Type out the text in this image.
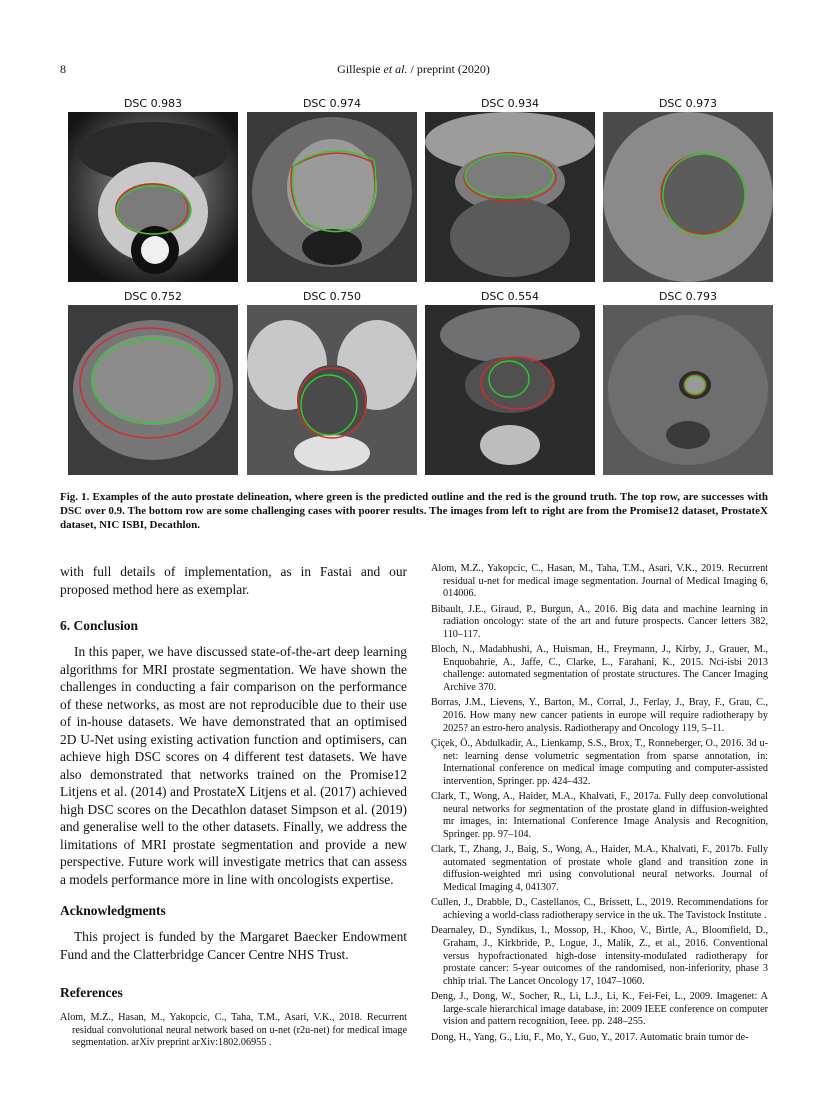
8	Gillespie et al. / preprint (2020)
DSC 0.983	DSC 0.974	DSC 0.934	DSC 0.973
DSC 0.752	DSC 0.750	DSC 0.554	DSC 0.793
Fig. 1. Examples of the auto prostate delineation, where green is the predicted outline and the red is the ground truth. The top row, are successes with DSC over 0.9. The bottom row are some challenging cases with poorer results. The images from left to right are from the Promise12 dataset, ProstateX dataset, NIC ISBI, Decathlon.

with full details of implementation, as in Fastai and our proposed method here as exemplar.

6. Conclusion

In this paper, we have discussed state-of-the-art deep learning algorithms for MRI prostate segmentation. We have shown the challenges in conducting a fair comparison on the performance of these networks, as most are not reproducible due to their use of in-house datasets. We have demonstrated that an optimised 2D U-Net using existing activation function and optimisers, can achieve high DSC scores on 4 different test datasets. We have also demonstrated that networks trained on the Promise12 Litjens et al. (2014) and ProstateX Litjens et al. (2017) achieved high DSC scores on the Decathlon dataset Simpson et al. (2019) and generalise well to the other datasets. Finally, we address the limitations of MRI prostate segmentation and provide a new perspective. Future work will investigate metrics that can assess a models performance more in line with oncologists expertise.

Acknowledgments

This project is funded by the Margaret Baecker Endowment Fund and the Clatterbridge Cancer Centre NHS Trust.

References
Alom, M.Z., Hasan, M., Yakopcic, C., Taha, T.M., Asari, V.K., 2018. Recurrent residual convolutional neural network based on u-net (r2u-net) for medical image segmentation. arXiv preprint arXiv:1802.06955 .
Alom, M.Z., Yakopcic, C., Hasan, M., Taha, T.M., Asari, V.K., 2019. Recurrent residual u-net for medical image segmentation. Journal of Medical Imaging 6, 014006.
Bibault, J.E., Giraud, P., Burgun, A., 2016. Big data and machine learning in radiation oncology: state of the art and future prospects. Cancer letters 382, 110–117.
Bloch, N., Madabhushi, A., Huisman, H., Freymann, J., Kirby, J., Grauer, M., Enquobahrie, A., Jaffe, C., Clarke, L., Farahani, K., 2015. Nci-isbi 2013 challenge: automated segmentation of prostate structures. The Cancer Imaging Archive 370.
Borras, J.M., Lievens, Y., Barton, M., Corral, J., Ferlay, J., Bray, F., Grau, C., 2016. How many new cancer patients in europe will require radiotherapy by 2025? an estro-hero analysis. Radiotherapy and Oncology 119, 5–11.
Çiçek, Ö., Abdulkadir, A., Lienkamp, S.S., Brox, T., Ronneberger, O., 2016. 3d u-net: learning dense volumetric segmentation from sparse annotation, in: International conference on medical image computing and computer-assisted intervention, Springer. pp. 424–432.
Clark, T., Wong, A., Haider, M.A., Khalvati, F., 2017a. Fully deep convolutional neural networks for segmentation of the prostate gland in diffusion-weighted mr images, in: International Conference Image Analysis and Recognition, Springer. pp. 97–104.
Clark, T., Zhang, J., Baig, S., Wong, A., Haider, M.A., Khalvati, F., 2017b. Fully automated segmentation of prostate whole gland and transition zone in diffusion-weighted mri using convolutional neural networks. Journal of Medical Imaging 4, 041307.
Cullen, J., Drabble, D., Castellanos, C., Brissett, L., 2019. Recommendations for achieving a world-class radiotherapy service in the uk. The Tavistock Institute .
Dearnaley, D., Syndikus, I., Mossop, H., Khoo, V., Birtle, A., Bloomfield, D., Graham, J., Kirkbride, P., Logue, J., Malik, Z., et al., 2016. Conventional versus hypofractionated high-dose intensity-modulated radiotherapy for prostate cancer: 5-year outcomes of the randomised, non-inferiority, phase 3 chhip trial. The Lancet Oncology 17, 1047–1060.
Deng, J., Dong, W., Socher, R., Li, L.J., Li, K., Fei-Fei, L., 2009. Imagenet: A large-scale hierarchical image database, in: 2009 IEEE conference on computer vision and pattern recognition, Ieee. pp. 248–255.
Dong, H., Yang, G., Liu, F., Mo, Y., Guo, Y., 2017. Automatic brain tumor de-
